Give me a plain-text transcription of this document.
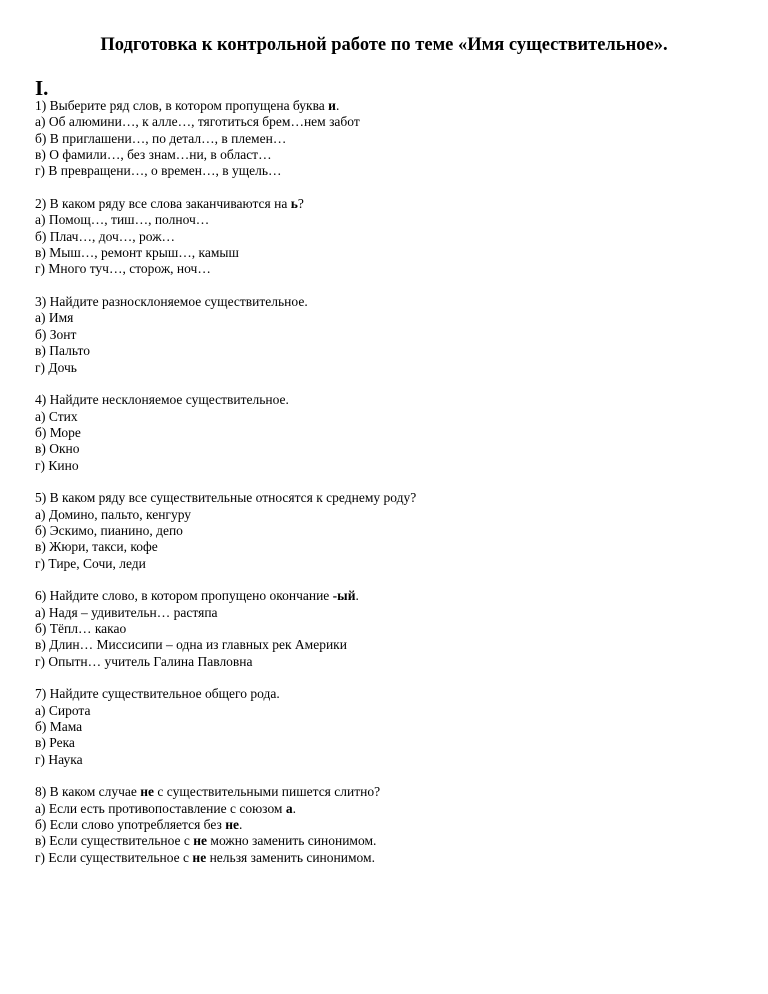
Подготовка к контрольной работе по теме «Имя существительное».
I.
1) Выберите ряд слов, в котором пропущена буква и.
а) Об алюмини…, к алле…, тяготиться брем…нем забот
б) В приглашени…, по детал…, в племен…
в) О фамили…, без знам…ни, в област…
г) В превращени…, о времен…, в ущель…
2) В каком ряду все слова заканчиваются на ь?
а) Помощ…, тиш…, полноч…
б) Плач…, доч…, рож…
в) Мыш…, ремонт крыш…, камыш
г) Много туч…, сторож, ноч…
3) Найдите разносклоняемое существительное.
а) Имя
б) Зонт
в) Пальто
г) Дочь
4) Найдите несклоняемое существительное.
а) Стих
б) Море
в) Окно
г) Кино
5) В каком ряду все существительные относятся к среднему роду?
а) Домино, пальто, кенгуру
б) Эскимо, пианино, депо
в) Жюри, такси, кофе
г) Тире, Сочи, леди
6) Найдите слово, в котором пропущено окончание -ый.
а) Надя – удивительн… растяпа
б) Тёпл… какао
в) Длин… Миссисипи – одна из главных рек Америки
г) Опытн… учитель Галина Павловна
7) Найдите существительное общего рода.
а) Сирота
б) Мама
в) Река
г) Наука
8) В каком случае не с существительными пишется слитно?
а) Если есть противопоставление с союзом а.
б) Если слово употребляется без не.
в) Если существительное с не можно заменить синонимом.
г) Если существительное с не нельзя заменить синонимом.
